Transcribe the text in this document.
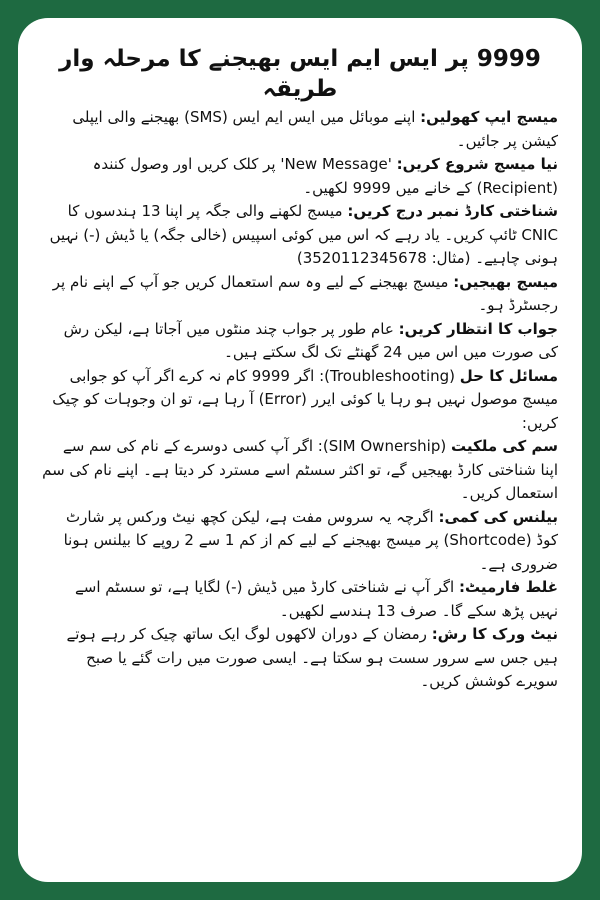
9999 پر ایس ایم ایس بھیجنے کا مرحلہ وار طریقہ

میسج ایپ کھولیں: اپنے موبائل میں ایس ایم ایس (SMS) بھیجنے والی ایپلی کیشن پر جائیں۔

نیا میسج شروع کریں: 'New Message' پر کلک کریں اور وصول کنندہ (Recipient) کے خانے میں 9999 لکھیں۔

شناختی کارڈ نمبر درج کریں: میسج لکھنے والی جگہ پر اپنا 13 ہندسوں کا CNIC ٹائپ کریں۔ یاد رہے کہ اس میں کوئی اسپیس (خالی جگہ) یا ڈیش (-) نہیں ہونی چاہیے۔ (مثال: 3520112345678)

میسج بھیجیں: میسج بھیجنے کے لیے وہ سم استعمال کریں جو آپ کے اپنے نام پر رجسٹرڈ ہو۔

جواب کا انتظار کریں: عام طور پر جواب چند منٹوں میں آجاتا ہے، لیکن رش کی صورت میں اس میں 24 گھنٹے تک لگ سکتے ہیں۔

مسائل کا حل (Troubleshooting): اگر 9999 کام نہ کرے اگر آپ کو جوابی میسج موصول نہیں ہو رہا یا کوئی ایرر (Error) آ رہا ہے، تو ان وجوہات کو چیک کریں:

سم کی ملکیت (SIM Ownership): اگر آپ کسی دوسرے کے نام کی سم سے اپنا شناختی کارڈ بھیجیں گے، تو اکثر سسٹم اسے مسترد کر دیتا ہے۔ اپنے نام کی سم استعمال کریں۔

بیلنس کی کمی: اگرچہ یہ سروس مفت ہے، لیکن کچھ نیٹ ورکس پر شارٹ کوڈ (Shortcode) پر میسج بھیجنے کے لیے کم از کم 1 سے 2 روپے کا بیلنس ہونا ضروری ہے۔

غلط فارمیٹ: اگر آپ نے شناختی کارڈ میں ڈیش (-) لگایا ہے، تو سسٹم اسے نہیں پڑھ سکے گا۔ صرف 13 ہندسے لکھیں۔

نیٹ ورک کا رش: رمضان کے دوران لاکھوں لوگ ایک ساتھ چیک کر رہے ہوتے ہیں جس سے سرور سست ہو سکتا ہے۔ ایسی صورت میں رات گئے یا صبح سویرے کوشش کریں۔
